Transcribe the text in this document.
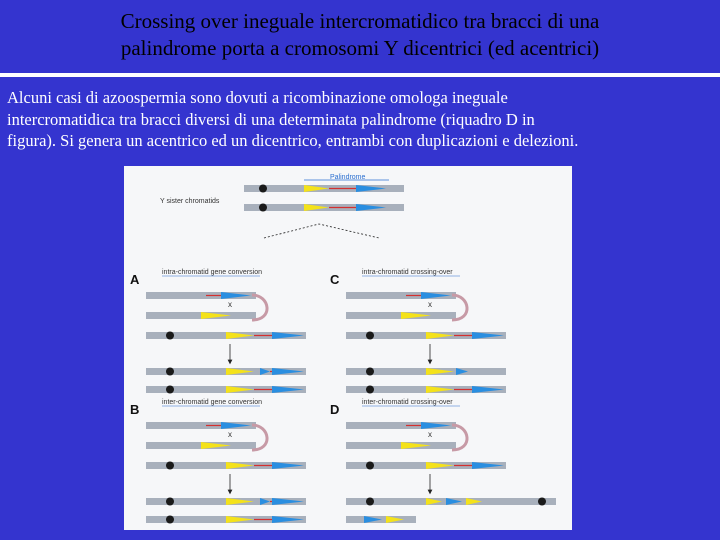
Crossing over ineguale intercromatidico tra bracci di una
palindrome porta a cromosomi Y dicentrici (ed acentrici)
Alcuni casi di azoospermia sono dovuti a ricombinazione omologa ineguale
intercromatidica tra bracci diversi di una determinata palindrome (riquadro D in
figura). Si genera un acentrico ed un dicentrico, entrambi con duplicazioni e delezioni.
Palindrome
Y sister chromatids
A	intra-chromatid gene conversion
x
C	intra-chromatid crossing-over
x
B	inter-chromatid gene conversion
x
D	inter-chromatid crossing-over
x
